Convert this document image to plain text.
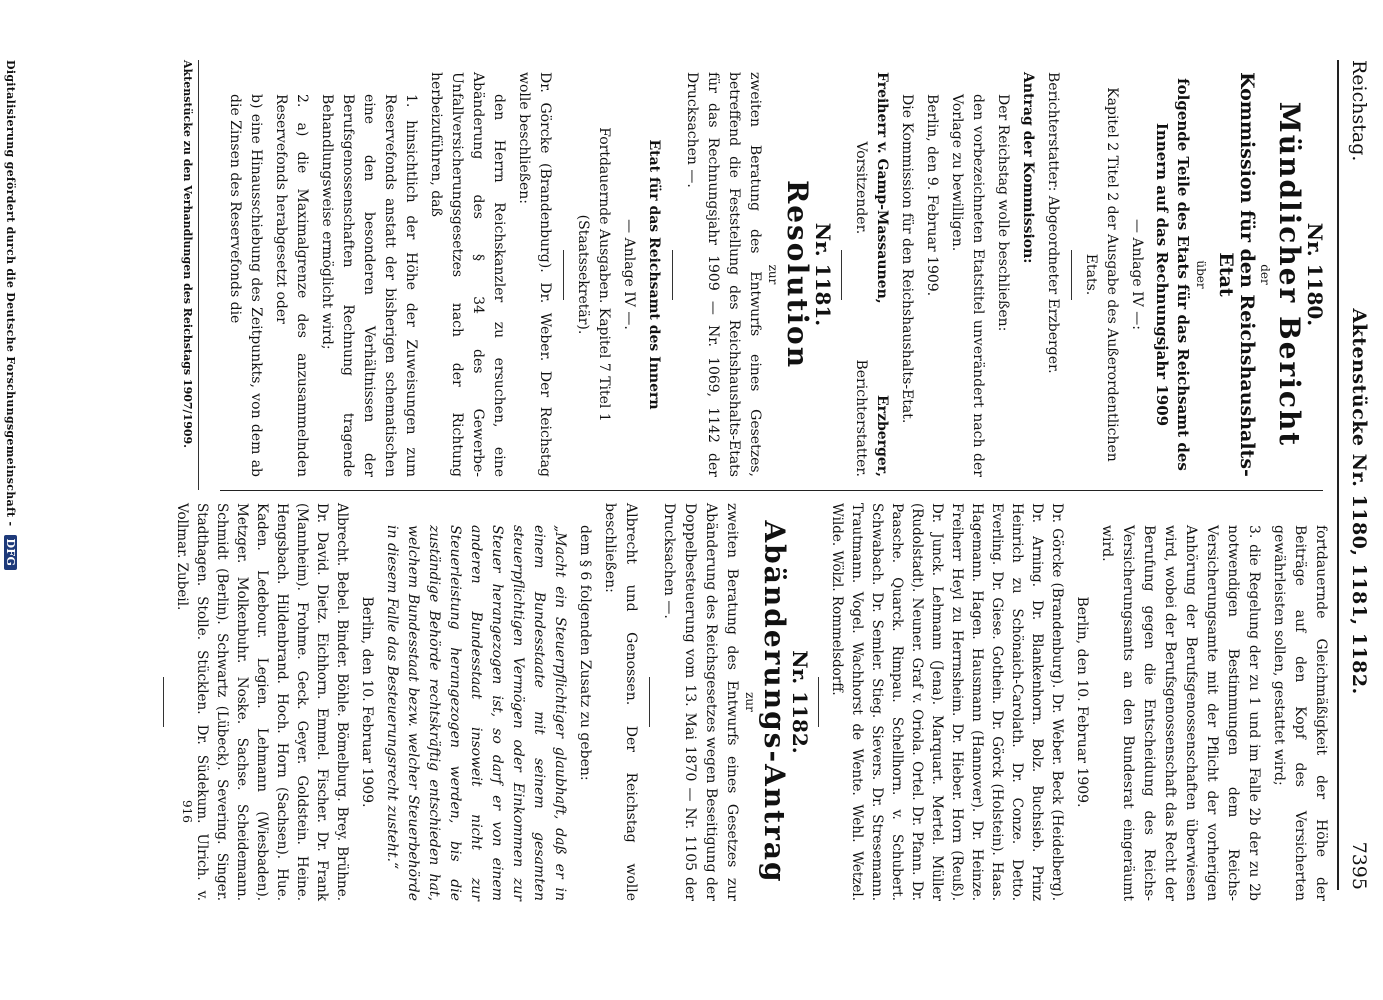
Reichstag.
Aktenstücke Nr. 1180, 1181, 1182.
7395
Nr. 1180.
Mündlicher Bericht

der

Kommission für den Reichshaushalts-Etat

über

folgende Teile des Etats für das Reichsamt des Innern auf das Rechnungsjahr 1909

— Anlage IV —:

Kapitel 2 Titel 2 der Ausgabe des Außerordentlichen Etats.

Berichterstatter: Abgeordneter Erzberger.

Antrag der Kommission:

Der Reichstag wolle beschließen:

den vorbezeichneten Etatstitel unverändert nach der Vorlage zu bewilligen.

Berlin, den 9. Februar 1909.

Die Kommission für den Reichshaushalts-Etat.

Freiherr v. Gamp-Massaunen,
Vorsitzender.
Erzberger,
Berichterstatter.
Nr. 1181.
Resolution

zur

zweiten Beratung des Entwurfs eines Gesetzes, betreffend die Feststellung des Reichshaushalts-Etats für das Rechnungsjahr 1909 — Nr. 1069, 1142 der Drucksachen —.

Etat für das Reichsamt des Innern

— Anlage IV —.

Fortdauernde Ausgaben. Kapitel 7 Titel 1 (Staatssekretär).

Dr. Görcke (Brandenburg). Dr. Weber. Der Reichstag wolle beschließen:

den Herrn Reichskanzler zu ersuchen, eine Abänderung des § 34 des Gewerbe-Unfallversicherungsgesetzes nach der Richtung herbeizuführen, daß

1. hinsichtlich der Höhe der Zuweisungen zum Reservefonds anstatt der bisherigen schematischen eine den besonderen Verhältnissen der Berufsgenossenschaften Rechnung tragende Behandlungsweise ermöglicht wird;

2. a) die Maximalgrenze des anzusammelnden Reservefonds herabgesetzt oder

b) eine Hinausschiebung des Zeitpunkts, von dem ab die Zinsen des Reservefonds die

fortdauernde Gleichmäßigkeit der Höhe der Beiträge auf den Kopf des Versicherten gewährleisten sollen, gestattet wird;

3. die Regelung der zu 1 und im Falle 2b der zu 2b notwendigen Bestimmungen dem Reichs-Versicherungsamte mit der Pflicht der vorherigen Anhörung der Berufsgenossenschaften überwiesen wird, wobei der Berufsgenossenschaft das Recht der Berufung gegen die Entscheidung des Reichs-Versicherungsamts an den Bundesrat eingeräumt wird.

Berlin, den 10. Februar 1909.

Dr. Görcke (Brandenburg). Dr. Weber. Beck (Heidelberg). Dr. Arning. Dr. Blankenhorn. Bolz. Buchsieb. Prinz Heinrich zu Schönaich-Carolath. Dr. Conze. Detto. Everling. Dr. Giese. Gothein. Dr. Görck (Holstein). Haas. Hagemann. Hagen. Hausmann (Hannover). Dr. Heinze. Freiherr Heyl zu Herrnsheim. Dr. Hieber. Horn (Reuß). Dr. Junck. Lehmann (Jena). Marquart. Mertel. Müller (Rudolstadt). Neuner. Graf v. Oriola. Ortel. Dr. Pfann. Dr. Paasche. Quarck. Rimpau. Schellhorn. v. Schubert. Schwabach. Dr. Semler. Stieg. Sievers. Dr. Stresemann. Trautmann. Vogel. Wachhorst de Wente. Wehl. Wetzel. Wilde. Wölzl. Rommelsdorff.

Nr. 1182.
Abänderungs-Antrag

zur

zweiten Beratung des Entwurfs eines Gesetzes zur Abänderung des Reichsgesetzes wegen Beseitigung der Doppelbesteuerung vom 13. Mai 1870 — Nr. 1105 der Drucksachen —.

Albrecht und Genossen. Der Reichstag wolle beschließen:

dem § 6 folgenden Zusatz zu geben:

„Macht ein Steuerpflichtiger glaubhaft, daß er in einem Bundesstaate mit seinem gesamten steuerpflichtigen Vermögen oder Einkommen zur Steuer herangezogen ist, so darf er von einem anderen Bundesstaat insoweit nicht zur Steuerleistung herangezogen werden, bis die zuständige Behörde rechtskräftig entschieden hat, welchem Bundesstaat bezw. welcher Steuerbehörde in diesem Falle das Besteuerungsrecht zusteht.“

Berlin, den 10. Februar 1909.

Albrecht. Bebel. Binder. Böhle. Bömelburg. Brey. Brühne. Dr. David. Dietz. Eichhorn. Emmel. Fischer. Dr. Frank (Mannheim). Frohme. Geck. Geyer. Goldstein. Heine. Hengsbach. Hildenbrand. Hoch. Horn (Sachsen). Hue. Kaden. Ledebour. Legien. Lehmann (Wiesbaden). Metzger. Molkenbuhr. Noske. Sachse. Scheidemann. Schmidt (Berlin). Schwartz (Lübeck). Severing. Singer. Stadthagen. Stolle. Stücklen. Dr. Südekum. Ulrich. v. Vollmar. Zubeil.

Aktenstücke zu den Verhandlungen des Reichstags 1907/1909.
916
Digitalisierung gefördert durch die Deutsche Forschungsgemeinschaft - DFG
